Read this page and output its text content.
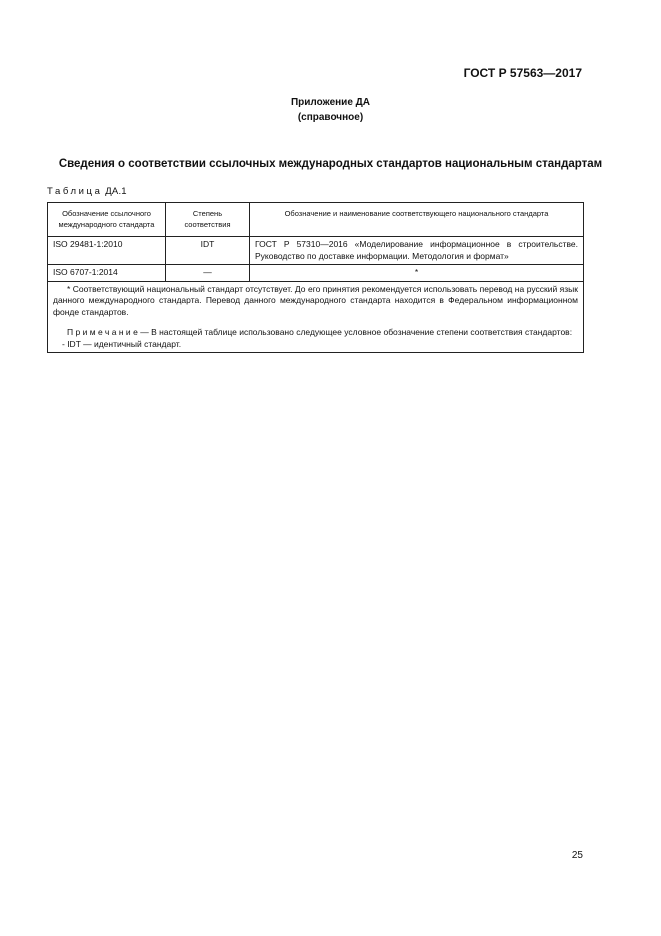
ГОСТ Р 57563—2017
Приложение ДА
(справочное)
Сведения о соответствии ссылочных международных стандартов национальным стандартам
Таблица ДА.1
Обозначение ссылочного международного стандарта	Степень соответствия	Обозначение и наименование соответствующего национального стандарта
ISO 29481-1:2010	IDT	ГОСТ Р 57310—2016 «Моделирование информационное в строительстве. Руководство по доставке информации. Методология и формат»
ISO 6707-1:2014	—	*

* Соответствующий национальный стандарт отсутствует. До его принятия рекомендуется использовать перевод на русский язык данного международного стандарта. Перевод данного международного стандарта находится в Федеральном информационном фонде стандартов.
Примечание— В настоящей таблице использовано следующее условное обозначение степени соответствия стандартов:
- IDT — идентичный стандарт.		
25
